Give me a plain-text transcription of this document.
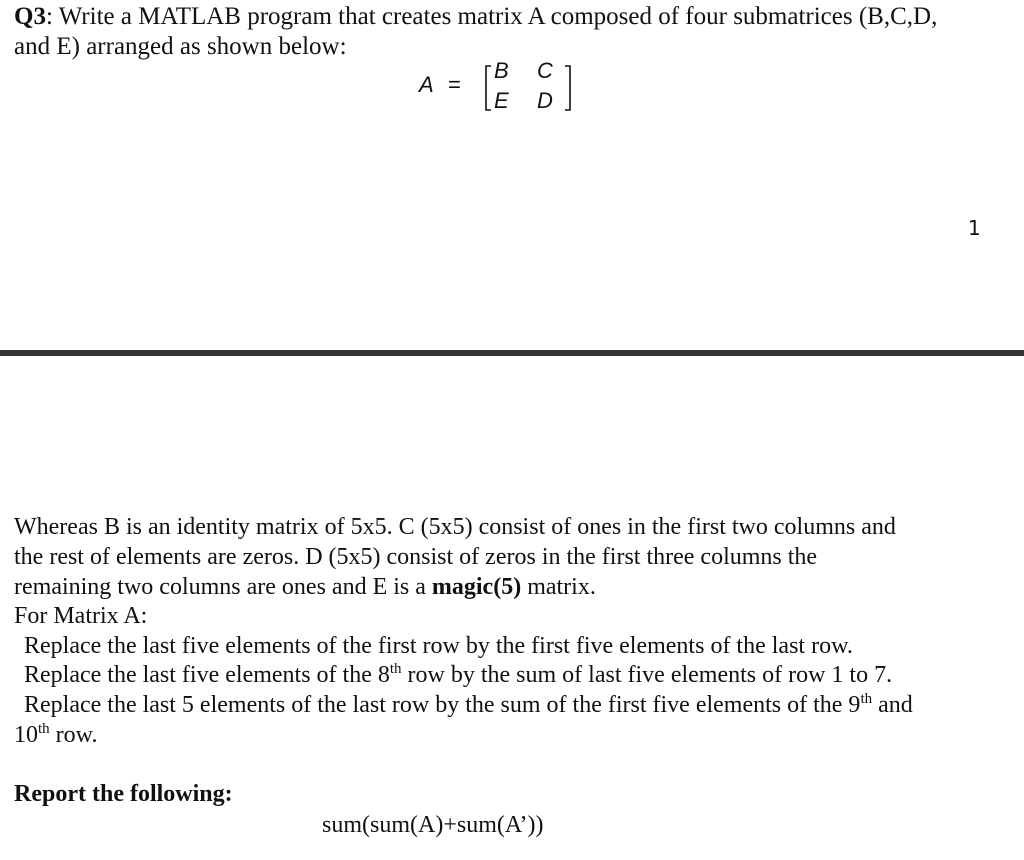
Q3: Write a MATLAB program that creates matrix A composed of four submatrices (B,C,D,
and E) arranged as shown below:
A =
B C
E D
1
Whereas B is an identity matrix of 5x5. C (5x5) consist of ones in the first two columns and
the rest of elements are zeros. D (5x5) consist of zeros in the first three columns the
remaining two columns are ones and E is a magic(5) matrix.
For Matrix A:
Replace the last five elements of the first row by the first five elements of the last row.
Replace the last five elements of the 8th row by the sum of last five elements of row 1 to 7.
Replace the last 5 elements of the last row by the sum of the first five elements of the 9th and
10th row.
Report the following:
sum(sum(A)+sum(A’))
